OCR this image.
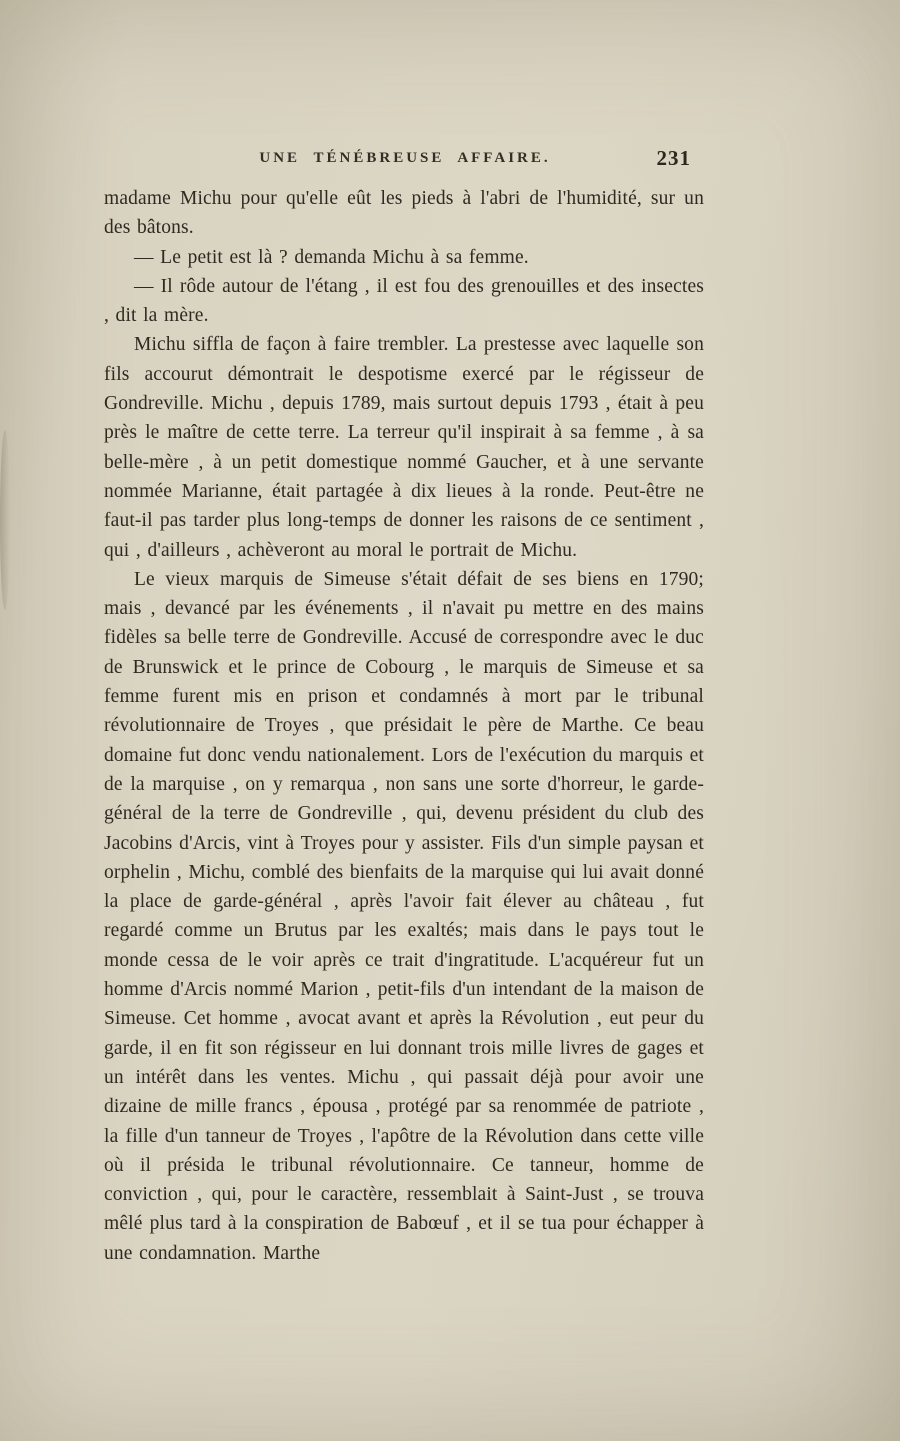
UNE TÉNÉBREUSE AFFAIRE.	231

madame Michu pour qu'elle eût les pieds à l'abri de l'humidité, sur un des bâtons.

— Le petit est là ? demanda Michu à sa femme.

— Il rôde autour de l'étang , il est fou des grenouilles et des insectes , dit la mère.

Michu siffla de façon à faire trembler. La prestesse avec laquelle son fils accourut démontrait le despotisme exercé par le régisseur de Gondreville. Michu , depuis 1789, mais surtout depuis 1793 , était à peu près le maître de cette terre. La terreur qu'il inspirait à sa femme , à sa belle-mère , à un petit domestique nommé Gaucher, et à une servante nommée Marianne, était partagée à dix lieues à la ronde. Peut-être ne faut-il pas tarder plus long-temps de donner les raisons de ce sentiment , qui , d'ailleurs , achèveront au moral le portrait de Michu.

Le vieux marquis de Simeuse s'était défait de ses biens en 1790; mais , devancé par les événements , il n'avait pu mettre en des mains fidèles sa belle terre de Gondreville. Accusé de correspondre avec le duc de Brunswick et le prince de Cobourg , le marquis de Simeuse et sa femme furent mis en prison et condamnés à mort par le tribunal révolutionnaire de Troyes , que présidait le père de Marthe. Ce beau domaine fut donc vendu nationalement. Lors de l'exécution du marquis et de la marquise , on y remarqua , non sans une sorte d'horreur, le garde-général de la terre de Gondreville , qui, devenu président du club des Jacobins d'Arcis, vint à Troyes pour y assister. Fils d'un simple paysan et orphelin , Michu, comblé des bienfaits de la marquise qui lui avait donné la place de garde-général , après l'avoir fait élever au château , fut regardé comme un Brutus par les exaltés; mais dans le pays tout le monde cessa de le voir après ce trait d'ingratitude. L'acquéreur fut un homme d'Arcis nommé Marion , petit-fils d'un intendant de la maison de Simeuse. Cet homme , avocat avant et après la Révolution , eut peur du garde, il en fit son régisseur en lui donnant trois mille livres de gages et un intérêt dans les ventes. Michu , qui passait déjà pour avoir une dizaine de mille francs , épousa , protégé par sa renommée de patriote , la fille d'un tanneur de Troyes , l'apôtre de la Révolution dans cette ville où il présida le tribunal révolutionnaire. Ce tanneur, homme de conviction , qui, pour le caractère, ressemblait à Saint-Just , se trouva mêlé plus tard à la conspiration de Babœuf , et il se tua pour échapper à une condamnation. Marthe
